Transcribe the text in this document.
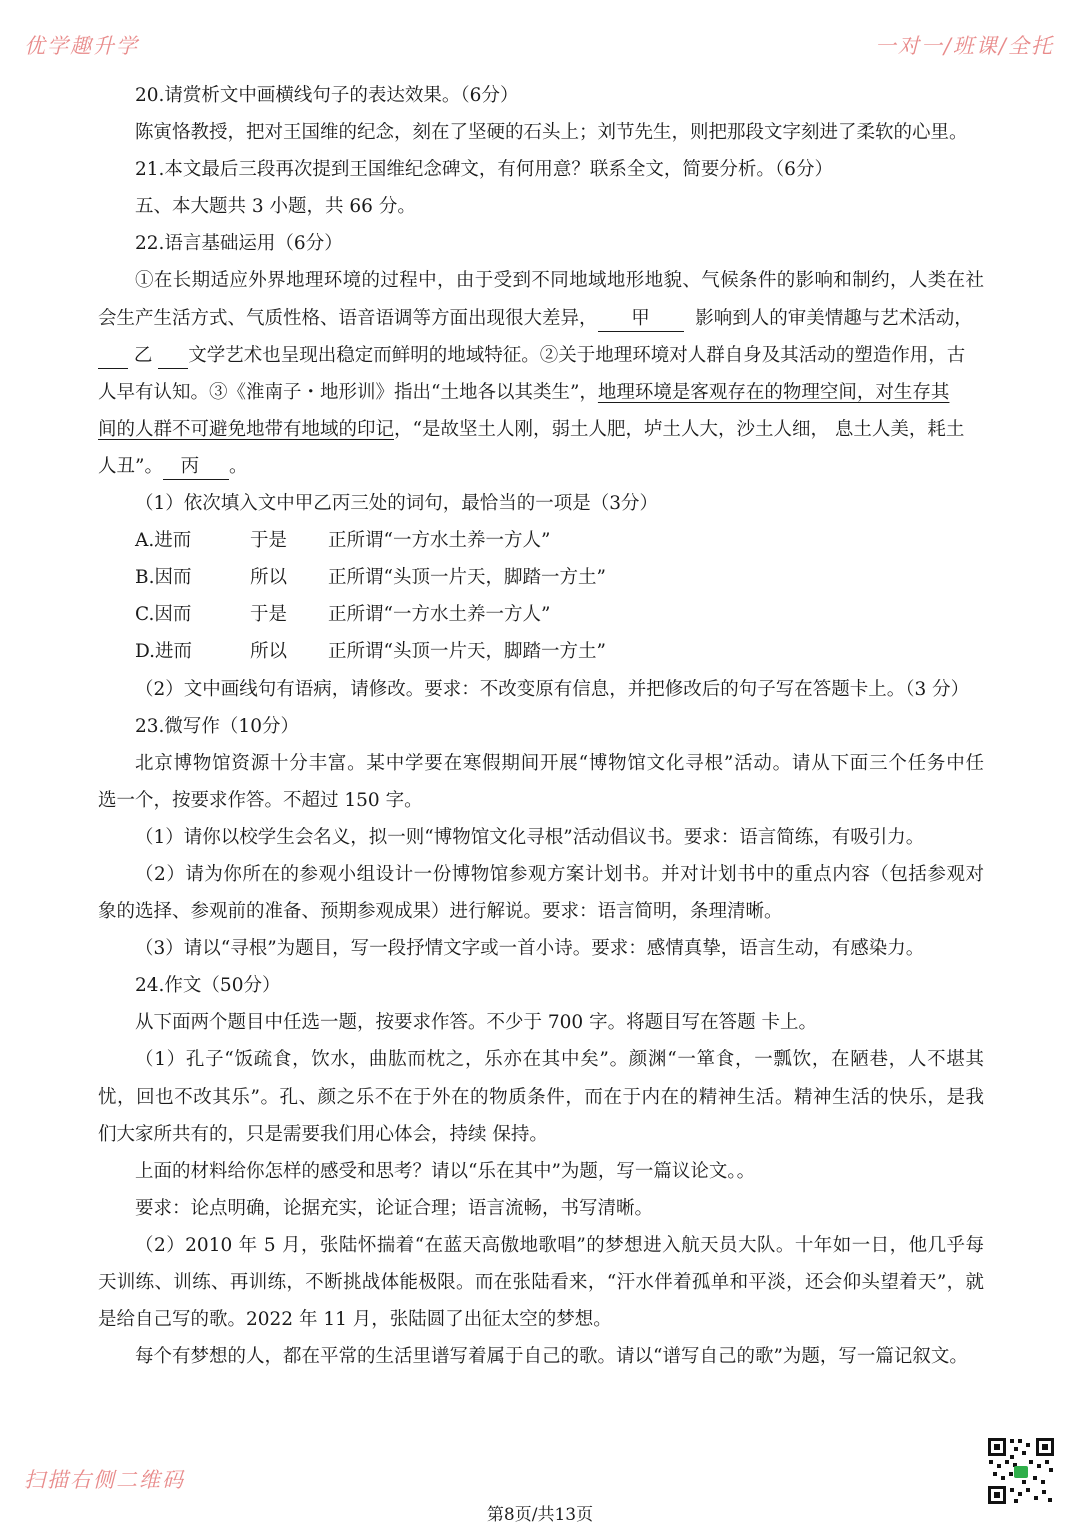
优学趣升学	一对一/班课/全托
20.请赏析文中画横线句子的表达效果。（6分）
陈寅恪教授，把对王国维的纪念，刻在了坚硬的石头上；刘节先生，则把那段文字刻进了柔软的心里。
21.本文最后三段再次提到王国维纪念碑文，有何用意？联系全文，简要分析。（6分）
五、本大题共 3 小题，共 66 分。
22.语言基础运用（6分）
①在长期适应外界地理环境的过程中，由于受到不同地域地形地貌、气候条件的影响和制约，人类在社
会生产生活方式、气质性格、语音语调等方面出现很大差异， 甲 影响到人的审美情趣与艺术活动，
乙 文学艺术也呈现出稳定而鲜明的地域特征。②关于地理环境对人群自身及其活动的塑造作用，古
人早有认知。③《淮南子・地形训》指出“土地各以其类生”，地理环境是客观存在的物理空间，对生存其
间的人群不可避免地带有地域的印记，“是故坚土人刚，弱土人肥，垆土人大，沙土人细， 息土人美，耗土
人丑”。 丙 。
（1）依次填入文中甲乙丙三处的词句，最恰当的一项是（3分）
A.进而	于是 正所谓“一方水土养一方人”
B.因而	所以 正所谓“头顶一片天，脚踏一方土”
C.因而	于是 正所谓“一方水土养一方人”
D.进而	所以 正所谓“头顶一片天，脚踏一方土”
（2）文中画线句有语病，请修改。要求：不改变原有信息，并把修改后的句子写在答题卡上。（3 分）
23.微写作（10分）
北京博物馆资源十分丰富。某中学要在寒假期间开展“博物馆文化寻根”活动。请从下面三个任务中任
选一个，按要求作答。不超过 150 字。
（1）请你以校学生会名义，拟一则“博物馆文化寻根”活动倡议书。要求：语言简练，有吸引力。
（2）请为你所在的参观小组设计一份博物馆参观方案计划书。并对计划书中的重点内容（包括参观对
象的选择、参观前的准备、预期参观成果）进行解说。要求：语言简明，条理清晰。
（3）请以“寻根”为题目，写一段抒情文字或一首小诗。要求：感情真挚，语言生动，有感染力。
24.作文（50分）
从下面两个题目中任选一题，按要求作答。不少于 700 字。将题目写在答题 卡上。
（1）孔子“饭疏食，饮水，曲肱而枕之，乐亦在其中矣”。颜渊“一箪食，一瓢饮，在陋巷，人不堪其
忧，回也不改其乐”。孔、颜之乐不在于外在的物质条件，而在于内在的精神生活。精神生活的快乐，是我
们大家所共有的，只是需要我们用心体会，持续 保持。
上面的材料给你怎样的感受和思考？请以“乐在其中”为题，写一篇议论文。。
要求：论点明确，论据充实，论证合理；语言流畅，书写清晰。
（2）2010 年 5 月，张陆怀揣着“在蓝天高傲地歌唱”的梦想进入航天员大队。十年如一日，他几乎每
天训练、训练、再训练，不断挑战体能极限。而在张陆看来，“汗水伴着孤单和平淡，还会仰头望着天”，就
是给自己写的歌。2022 年 11 月，张陆圆了出征太空的梦想。
每个有梦想的人，都在平常的生活里谱写着属于自己的歌。请以“谱写自己的歌”为题，写一篇记叙文。
扫描右侧二维码
第8页/共13页
